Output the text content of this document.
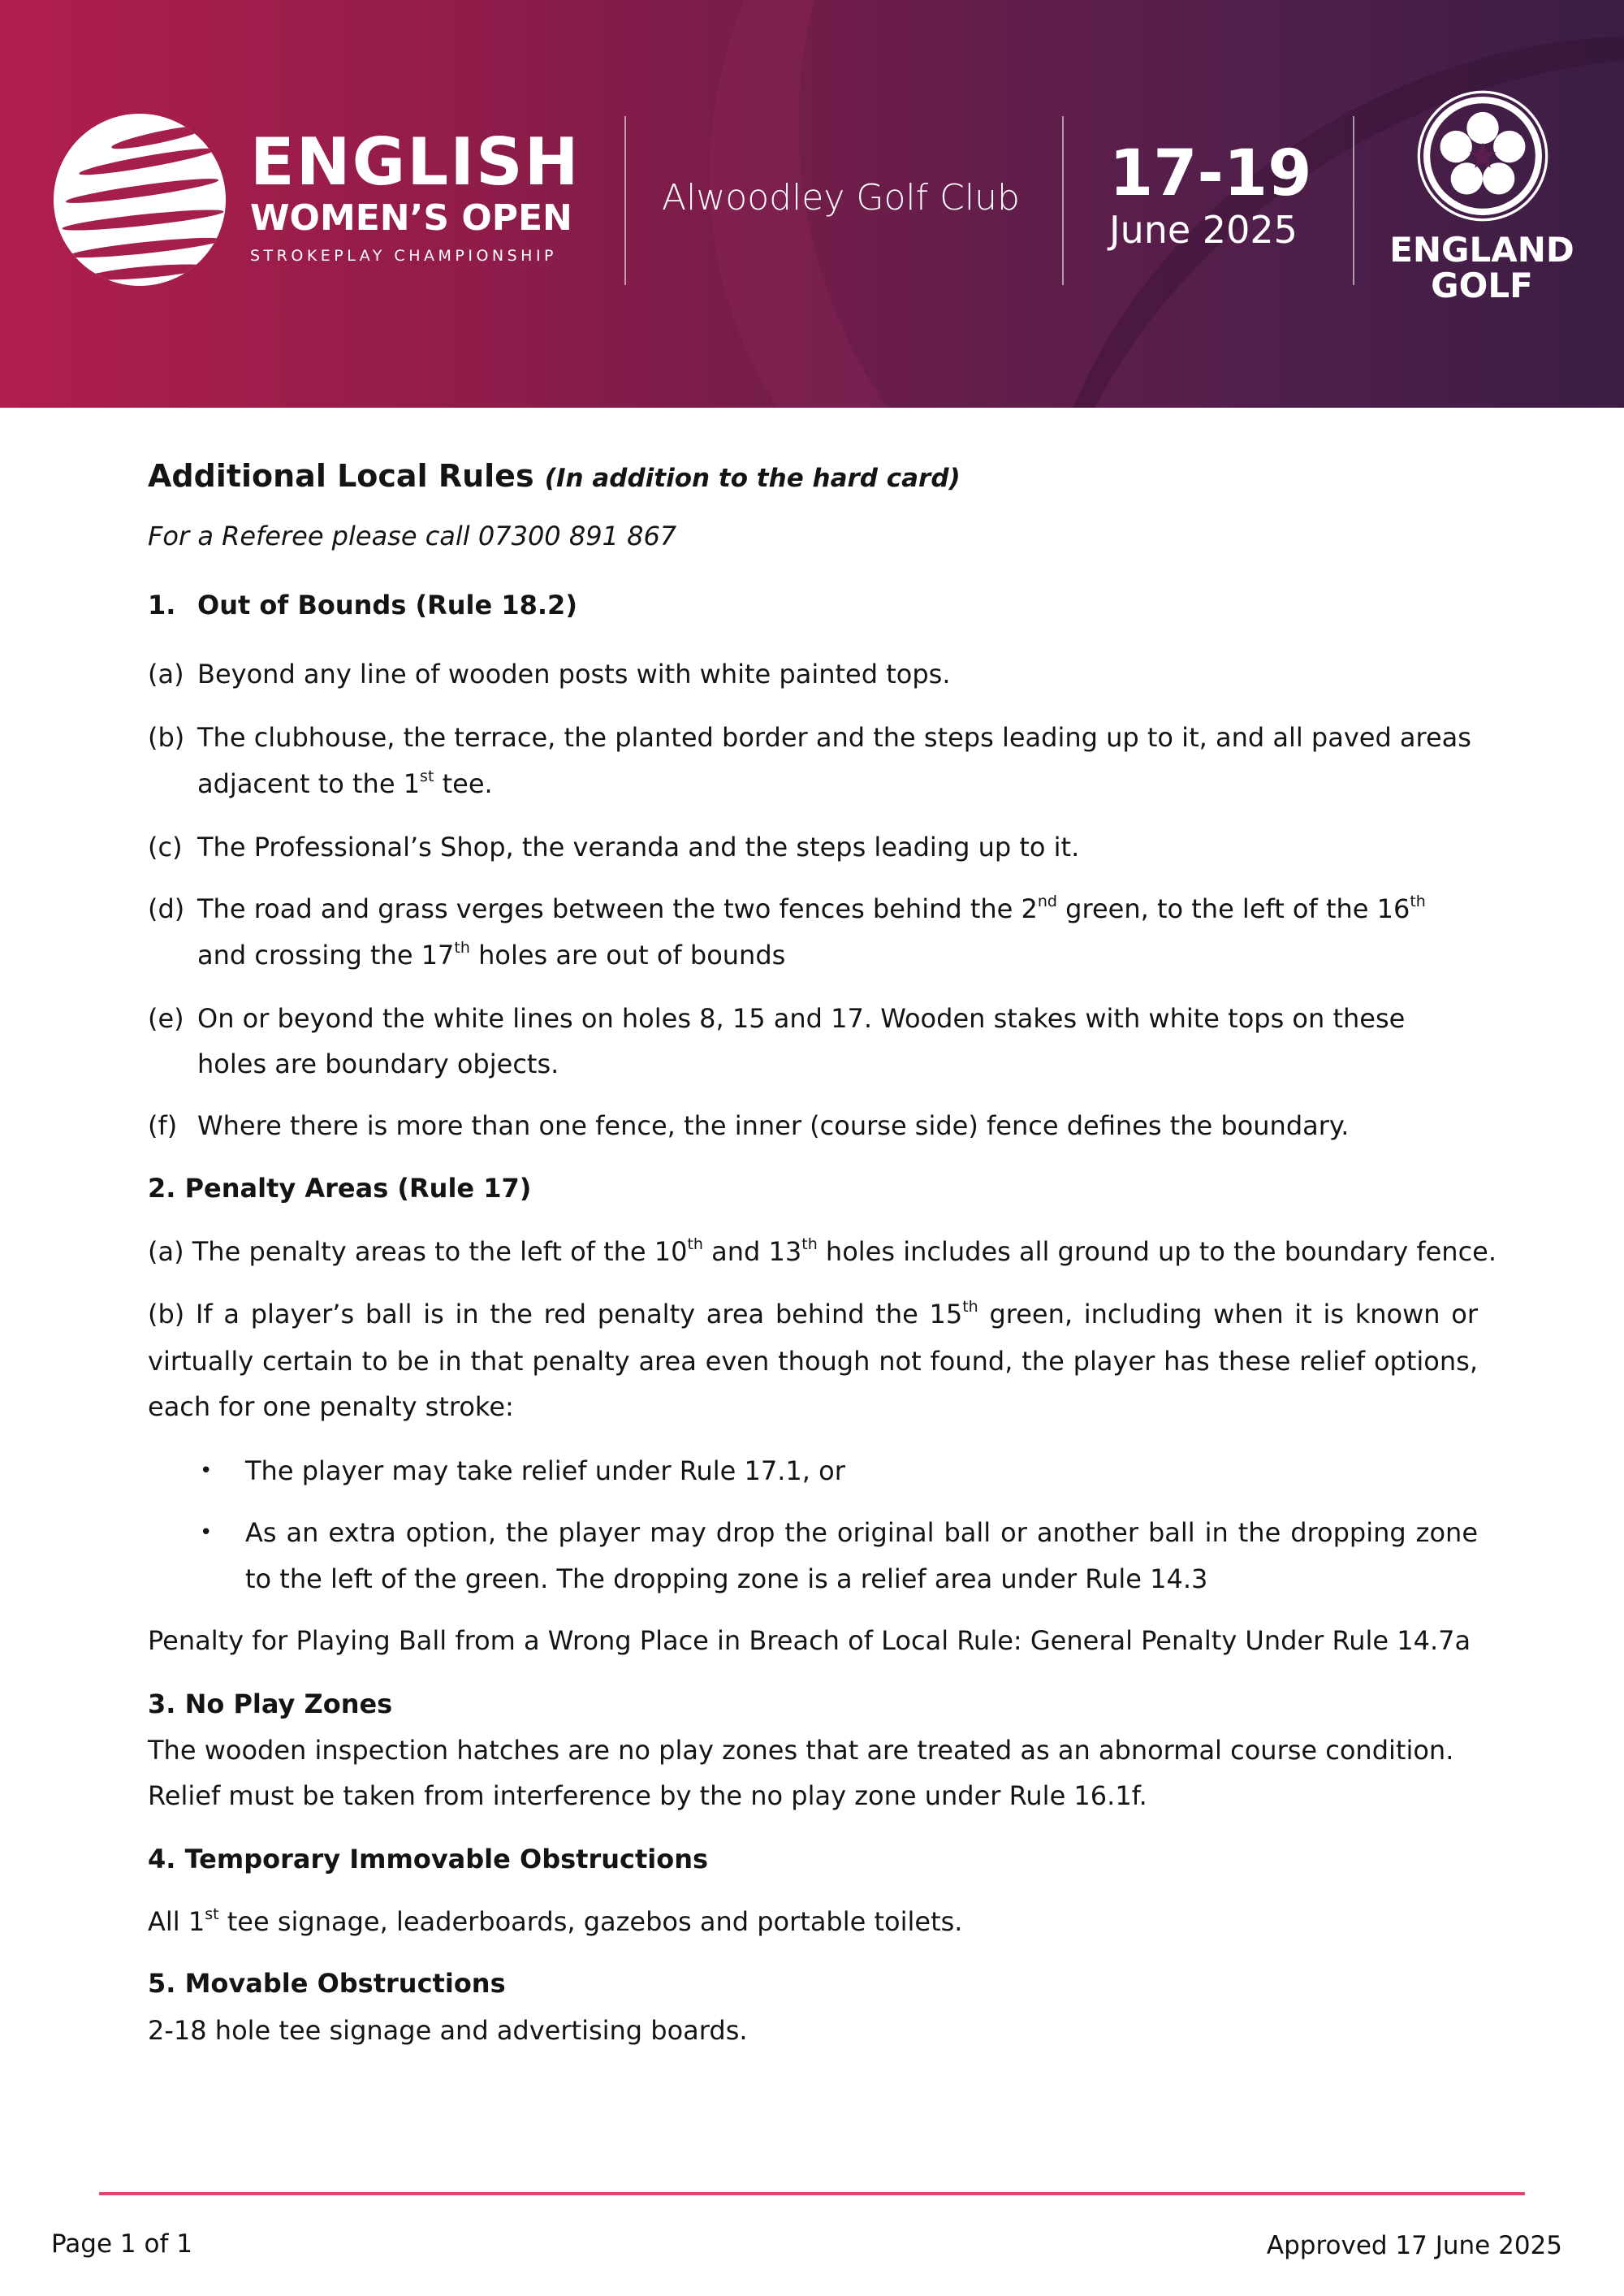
ENGLISH
WOMEN’S OPEN
STROKEPLAY CHAMPIONSHIP
Alwoodley Golf Club 17-19
June 2025	ENGLAND
GOLF
Additional Local Rules (In addition to the hard card)
For a Referee please call 07300 891 867
1. Out of Bounds (Rule 18.2)
(a) Beyond any line of wooden posts with white painted tops.
(b) The clubhouse, the terrace, the planted border and the steps leading up to it, and all paved areas
adjacent to the 1st tee.
(c) The Professional’s Shop, the veranda and the steps leading up to it.
(d) The road and grass verges between the two fences behind the 2nd green, to the left of the 16th
and crossing the 17th holes are out of bounds
(e) On or beyond the white lines on holes 8, 15 and 17. Wooden stakes with white tops on these
holes are boundary objects.
(f) Where there is more than one fence, the inner (course side) fence defines the boundary.
2. Penalty Areas (Rule 17)
(a) The penalty areas to the left of the 10th and 13th holes includes all ground up to the boundary fence.
(b) If a player’s ball is in the red penalty area behind the 15th green, including when it is known or
virtually certain to be in that penalty area even though not found, the player has these relief options,
each for one penalty stroke:
• The player may take relief under Rule 17.1, or
• As an extra option, the player may drop the original ball or another ball in the dropping zone
to the left of the green. The dropping zone is a relief area under Rule 14.3
Penalty for Playing Ball from a Wrong Place in Breach of Local Rule: General Penalty Under Rule 14.7a
3. No Play Zones
The wooden inspection hatches are no play zones that are treated as an abnormal course condition.
Relief must be taken from interference by the no play zone under Rule 16.1f.
4. Temporary Immovable Obstructions
All 1st tee signage, leaderboards, gazebos and portable toilets.
5. Movable Obstructions
2-18 hole tee signage and advertising boards.
Page 1 of 1	Approved 17 June 2025
